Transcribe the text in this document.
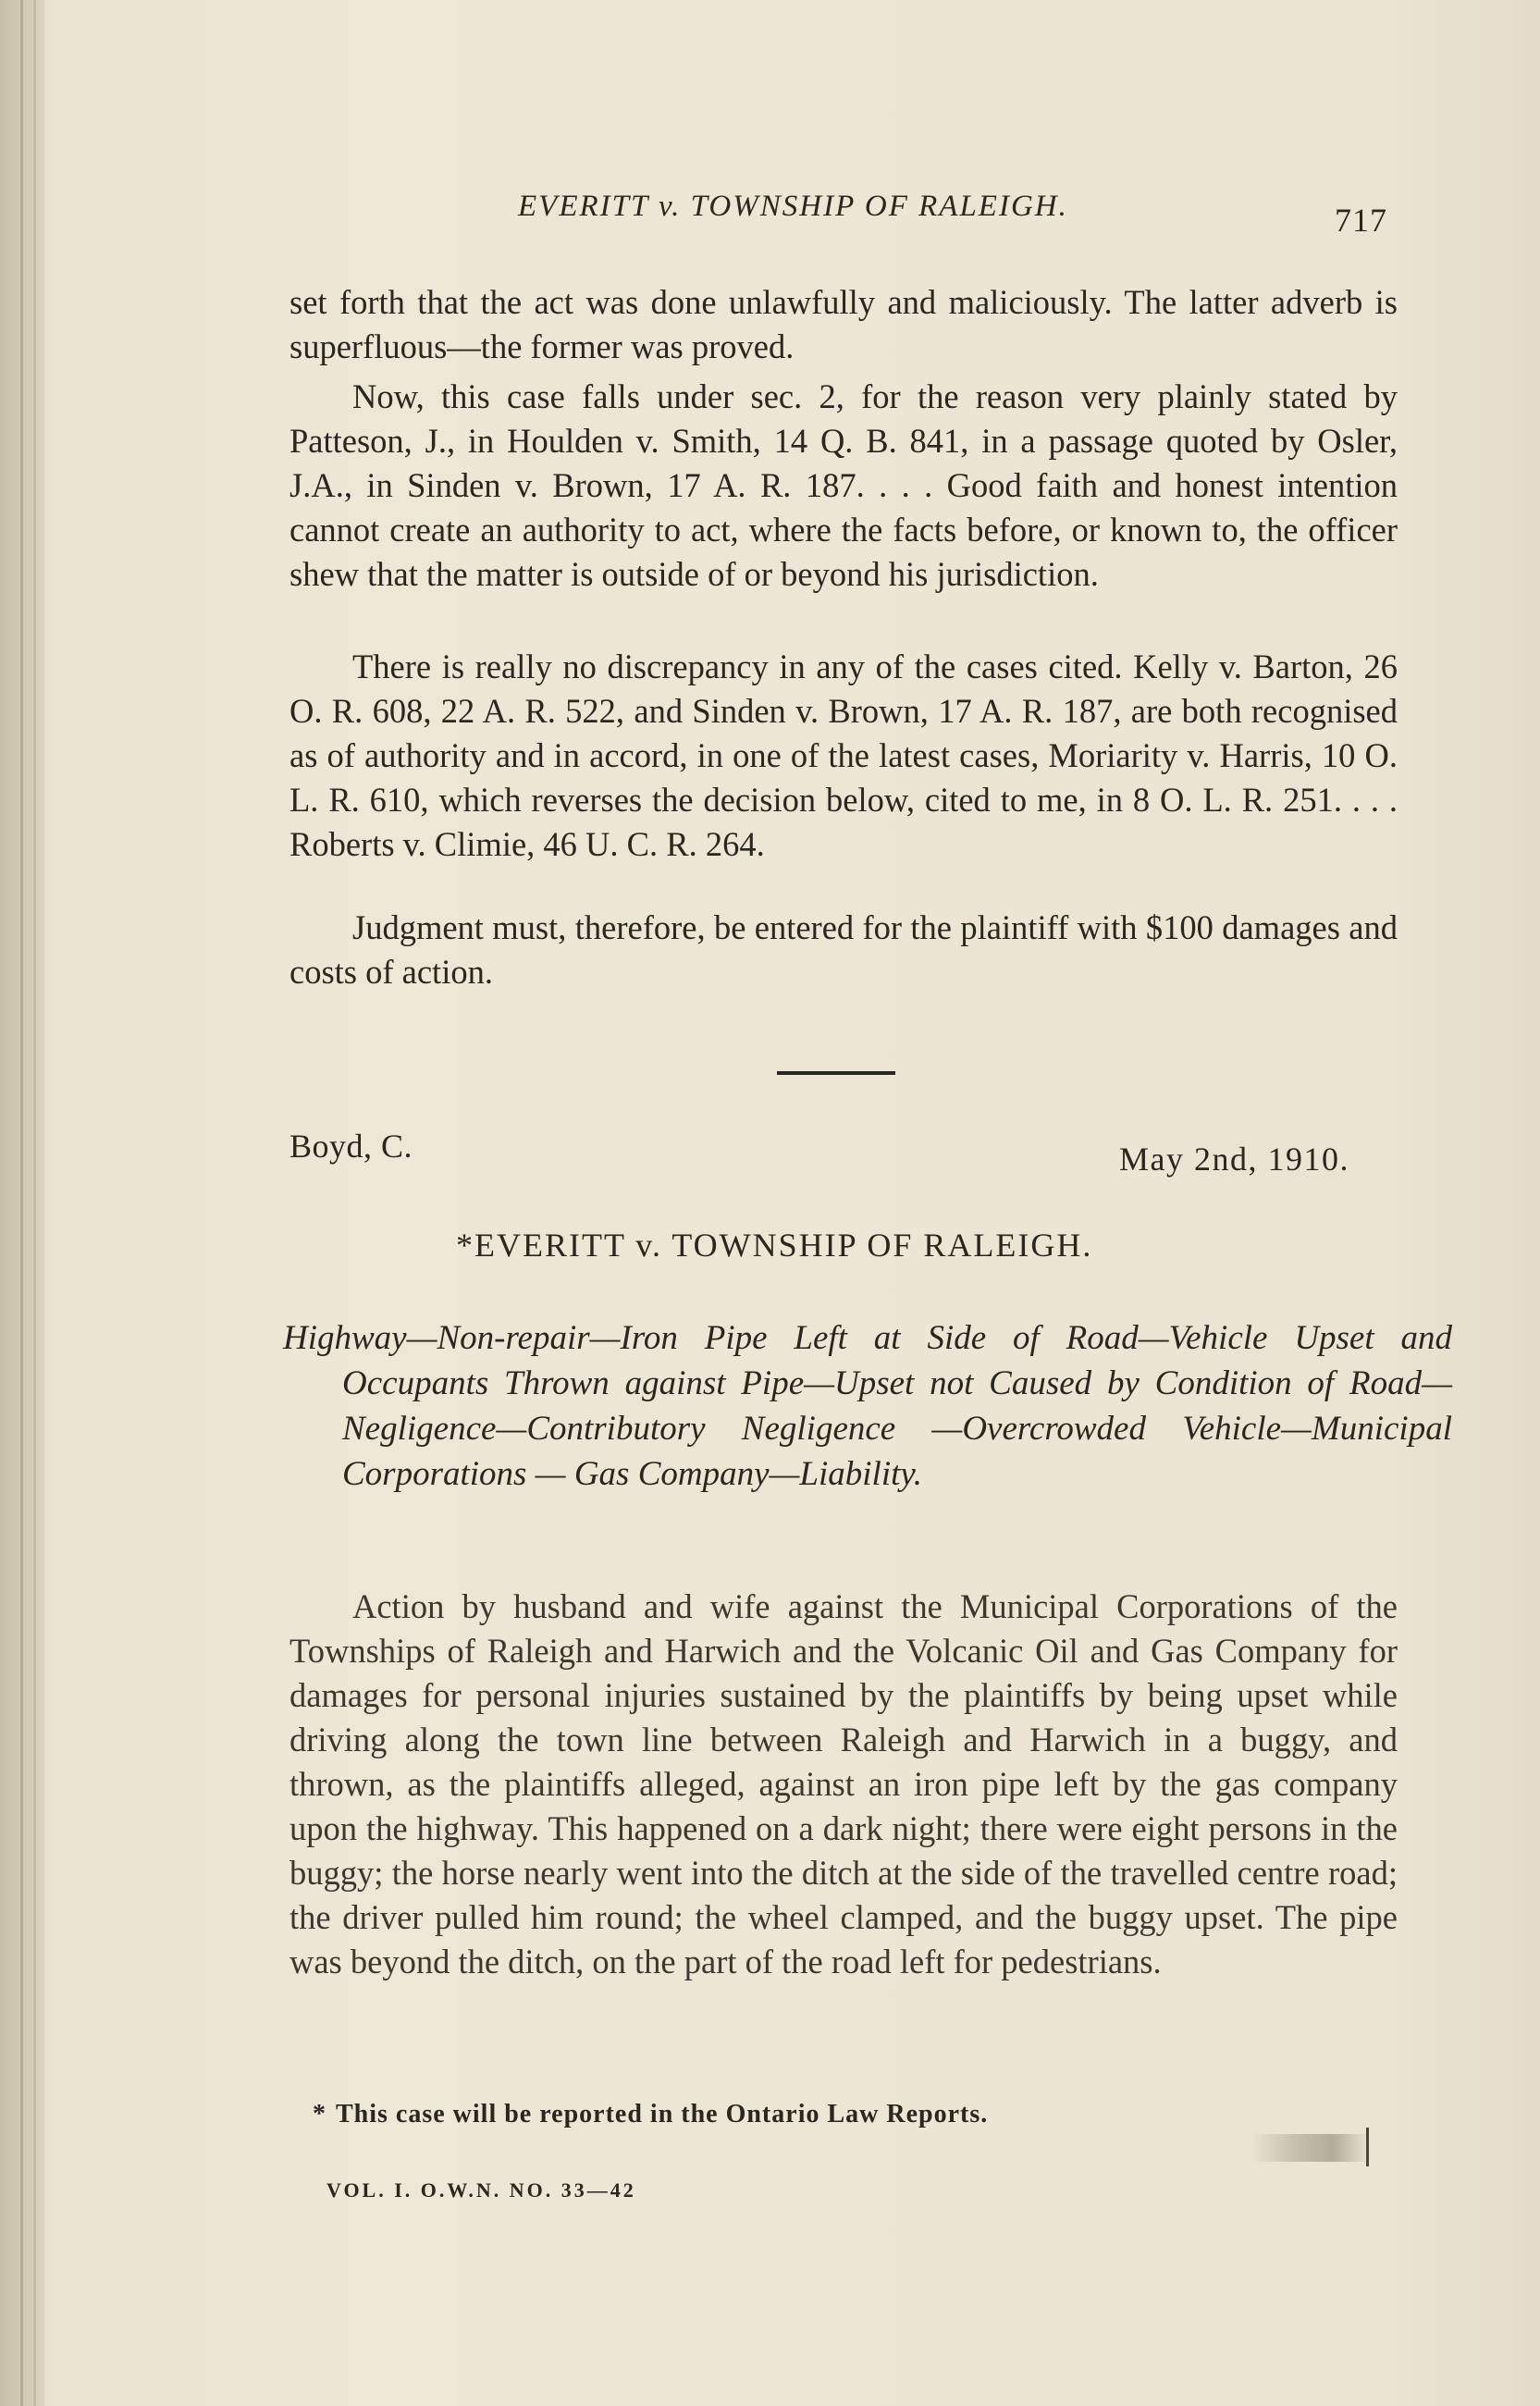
EVERITT v. TOWNSHIP OF RALEIGH.	717

set forth that the act was done unlawfully and maliciously. The latter adverb is superfluous—the former was proved.

Now, this case falls under sec. 2, for the reason very plainly stated by Patteson, J., in Houlden v. Smith, 14 Q. B. 841, in a passage quoted by Osler, J.A., in Sinden v. Brown, 17 A. R. 187. . . . Good faith and honest intention cannot create an authority to act, where the facts before, or known to, the officer shew that the matter is outside of or beyond his jurisdiction.

There is really no discrepancy in any of the cases cited. Kelly v. Barton, 26 O. R. 608, 22 A. R. 522, and Sinden v. Brown, 17 A. R. 187, are both recognised as of authority and in accord, in one of the latest cases, Moriarity v. Harris, 10 O. L. R. 610, which reverses the decision below, cited to me, in 8 O. L. R. 251. . . . Roberts v. Climie, 46 U. C. R. 264.

Judgment must, therefore, be entered for the plaintiff with $100 damages and costs of action.

Boyd, C.	May 2nd, 1910.
*EVERITT v. TOWNSHIP OF RALEIGH.
Highway—Non-repair—Iron Pipe Left at Side of Road—Vehicle Upset and Occupants Thrown against Pipe—Upset not Caused by Condition of Road—Negligence—Contributory Negligence —Overcrowded Vehicle—Municipal Corporations — Gas Company—Liability.

Action by husband and wife against the Municipal Corporations of the Townships of Raleigh and Harwich and the Volcanic Oil and Gas Company for damages for personal injuries sustained by the plaintiffs by being upset while driving along the town line between Raleigh and Harwich in a buggy, and thrown, as the plaintiffs alleged, against an iron pipe left by the gas company upon the highway. This happened on a dark night; there were eight persons in the buggy; the horse nearly went into the ditch at the side of the travelled centre road; the driver pulled him round; the wheel clamped, and the buggy upset. The pipe was beyond the ditch, on the part of the road left for pedestrians.

* This case will be reported in the Ontario Law Reports.
VOL. I. O.W.N. NO. 33—42
